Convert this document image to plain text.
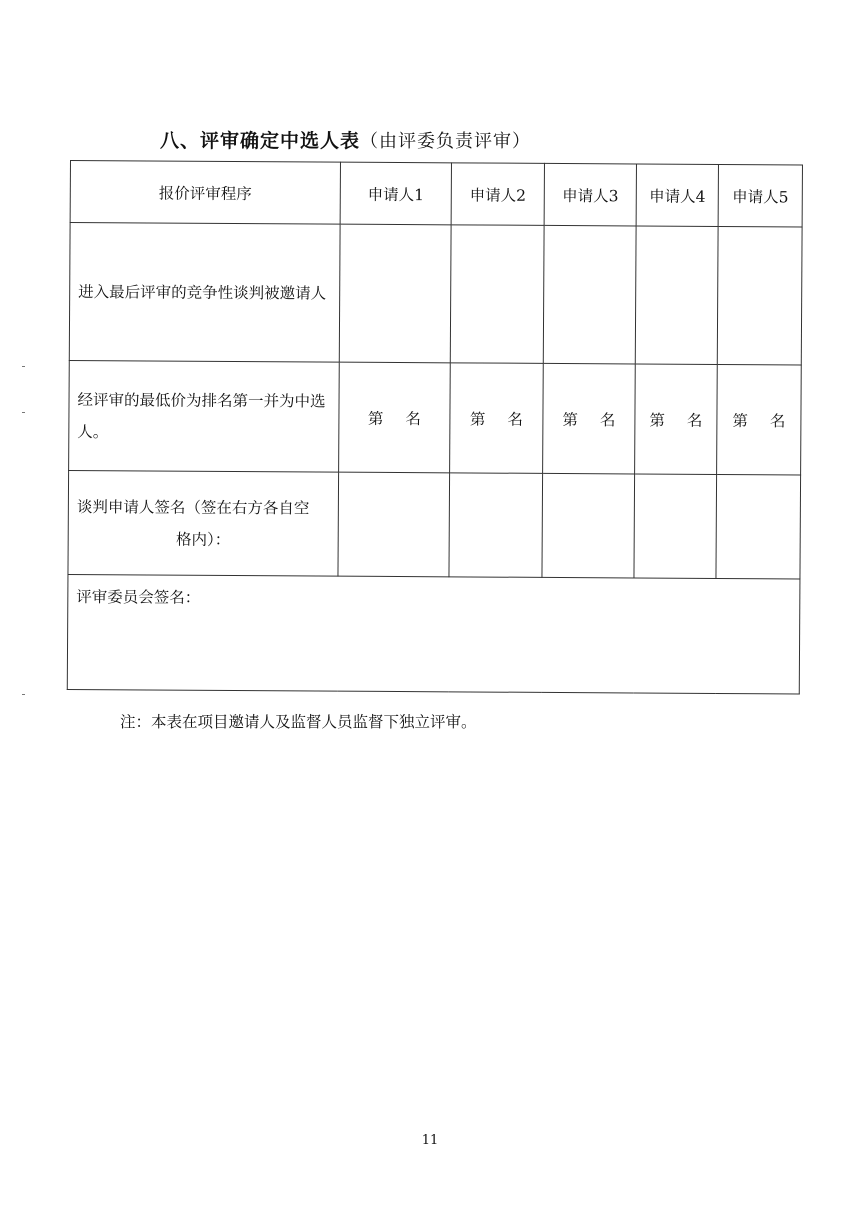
八、评审确定中选人表（由评委负责评审）
报价评审程序	申请人1	申请人2	申请人3	申请人4	申请人5
进入最后评审的竞争性谈判被邀请人					
经评审的最低价为排名第一并为中选人。	第 名	第 名	第 名	第 名	第 名
谈判申请人签名（签在右方各自空

格内）：					

评审委员会签名：					
注：本表在项目邀请人及监督人员监督下独立评审。
11
